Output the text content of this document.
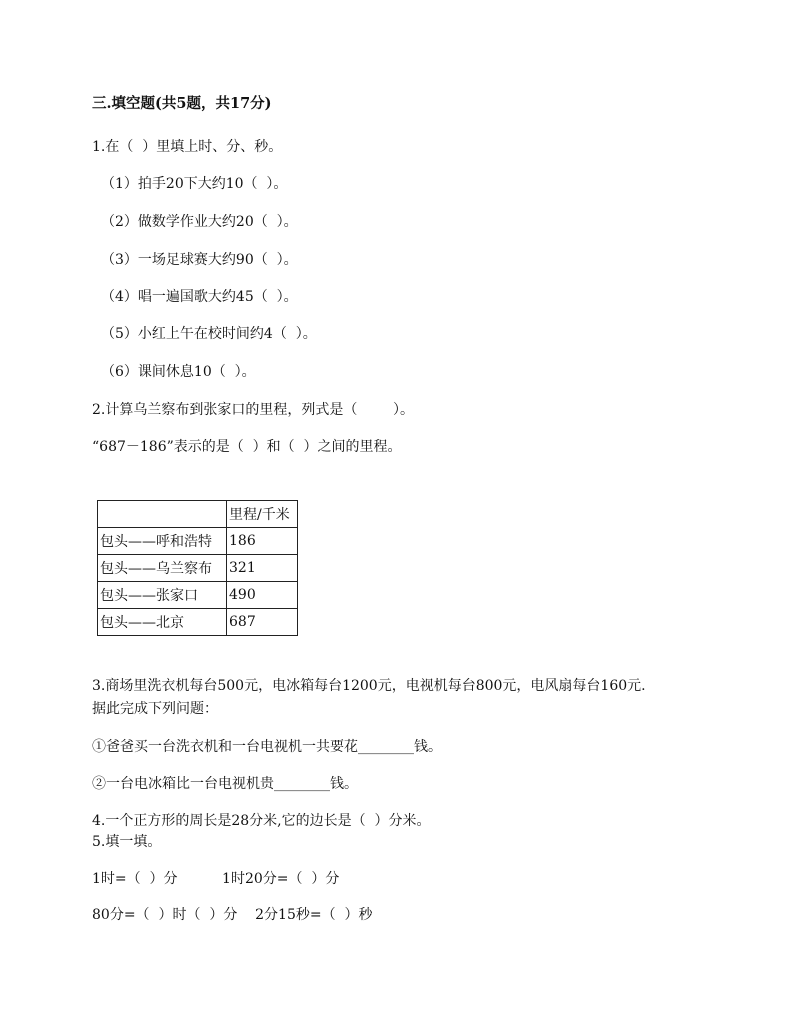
三.填空题(共5题，共17分)
1.在（  ）里填上时、分、秒。
（1）拍手20下大约10（  ）。
（2）做数学作业大约20（  ）。
（3）一场足球赛大约90（  ）。
（4）唱一遍国歌大约45（  ）。
（5）小红上午在校时间约4（  ）。
（6）课间休息10（  ）。
2.计算乌兰察布到张家口的里程，列式是（        ）。
“687－186”表示的是（  ）和（  ）之间的里程。
	里程/千米
包头——呼和浩特	186
包头——乌兰察布	321
包头——张家口	490
包头——北京	687
3.商场里洗衣机每台500元，电冰箱每台1200元，电视机每台800元，电风扇每台160元.
据此完成下列问题：
①爸爸买一台洗衣机和一台电视机一共要花________钱。
②一台电冰箱比一台电视机贵________钱。
4.一个正方形的周长是28分米,它的边长是（  ）分米。
5.填一填。
1时=（  ）分          1时20分=（  ）分
80分=（  ）时（  ）分    2分15秒=（  ）秒
